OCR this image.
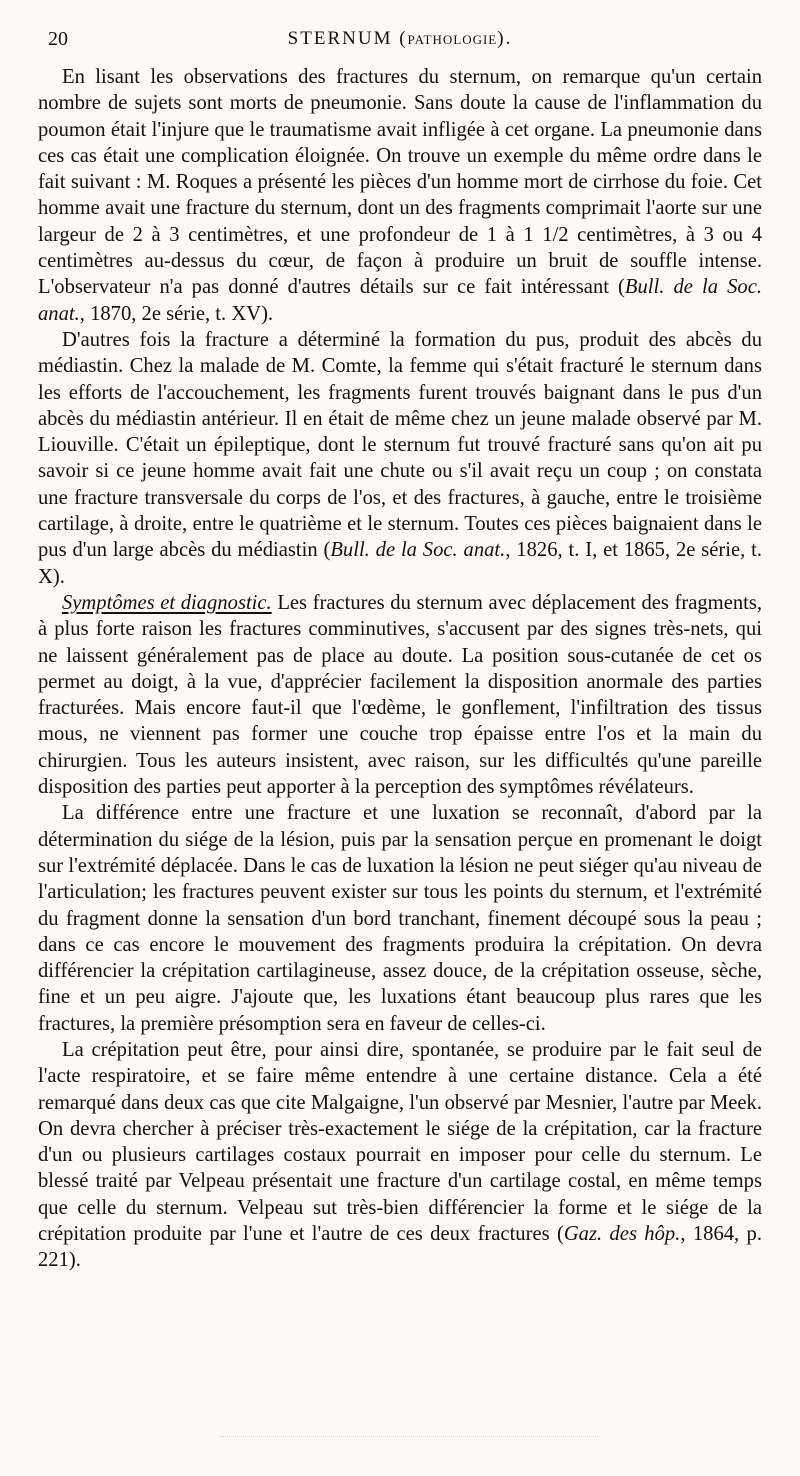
20	STERNUM (PATHOLOGIE).

En lisant les observations des fractures du sternum, on remarque qu'un certain nombre de sujets sont morts de pneumonie. Sans doute la cause de l'inflammation du poumon était l'injure que le traumatisme avait infligée à cet organe. La pneumonie dans ces cas était une complication éloignée. On trouve un exemple du même ordre dans le fait suivant : M. Roques a présenté les pièces d'un homme mort de cirrhose du foie. Cet homme avait une fracture du sternum, dont un des fragments comprimait l'aorte sur une largeur de 2 à 3 centimètres, et une profondeur de 1 à 1 1/2 centimètres, à 3 ou 4 centimètres au-dessus du cœur, de façon à produire un bruit de souffle intense. L'observateur n'a pas donné d'autres détails sur ce fait intéressant (Bull. de la Soc. anat., 1870, 2e série, t. XV).

D'autres fois la fracture a déterminé la formation du pus, produit des abcès du médiastin. Chez la malade de M. Comte, la femme qui s'était fracturé le sternum dans les efforts de l'accouchement, les fragments furent trouvés baignant dans le pus d'un abcès du médiastin antérieur. Il en était de même chez un jeune malade observé par M. Liouville. C'était un épileptique, dont le sternum fut trouvé fracturé sans qu'on ait pu savoir si ce jeune homme avait fait une chute ou s'il avait reçu un coup ; on constata une fracture transversale du corps de l'os, et des fractures, à gauche, entre le troisième cartilage, à droite, entre le quatrième et le sternum. Toutes ces pièces baignaient dans le pus d'un large abcès du médiastin (Bull. de la Soc. anat., 1826, t. I, et 1865, 2e série, t. X).

Symptômes et diagnostic. Les fractures du sternum avec déplacement des fragments, à plus forte raison les fractures comminutives, s'accusent par des signes très-nets, qui ne laissent généralement pas de place au doute. La position sous-cutanée de cet os permet au doigt, à la vue, d'apprécier facilement la disposition anormale des parties fracturées. Mais encore faut-il que l'œdème, le gonflement, l'infiltration des tissus mous, ne viennent pas former une couche trop épaisse entre l'os et la main du chirurgien. Tous les auteurs insistent, avec raison, sur les difficultés qu'une pareille disposition des parties peut apporter à la perception des symptômes révélateurs.

La différence entre une fracture et une luxation se reconnaît, d'abord par la détermination du siége de la lésion, puis par la sensation perçue en promenant le doigt sur l'extrémité déplacée. Dans le cas de luxation la lésion ne peut siéger qu'au niveau de l'articulation; les fractures peuvent exister sur tous les points du sternum, et l'extrémité du fragment donne la sensation d'un bord tranchant, finement découpé sous la peau ; dans ce cas encore le mouvement des fragments produira la crépitation. On devra différencier la crépitation cartilagineuse, assez douce, de la crépitation osseuse, sèche, fine et un peu aigre. J'ajoute que, les luxations étant beaucoup plus rares que les fractures, la première présomption sera en faveur de celles-ci.

La crépitation peut être, pour ainsi dire, spontanée, se produire par le fait seul de l'acte respiratoire, et se faire même entendre à une certaine distance. Cela a été remarqué dans deux cas que cite Malgaigne, l'un observé par Mesnier, l'autre par Meek. On devra chercher à préciser très-exactement le siége de la crépitation, car la fracture d'un ou plusieurs cartilages costaux pourrait en imposer pour celle du sternum. Le blessé traité par Velpeau présentait une fracture d'un cartilage costal, en même temps que celle du sternum. Velpeau sut très-bien différencier la forme et le siége de la crépitation produite par l'une et l'autre de ces deux fractures (Gaz. des hôp., 1864, p. 221).
